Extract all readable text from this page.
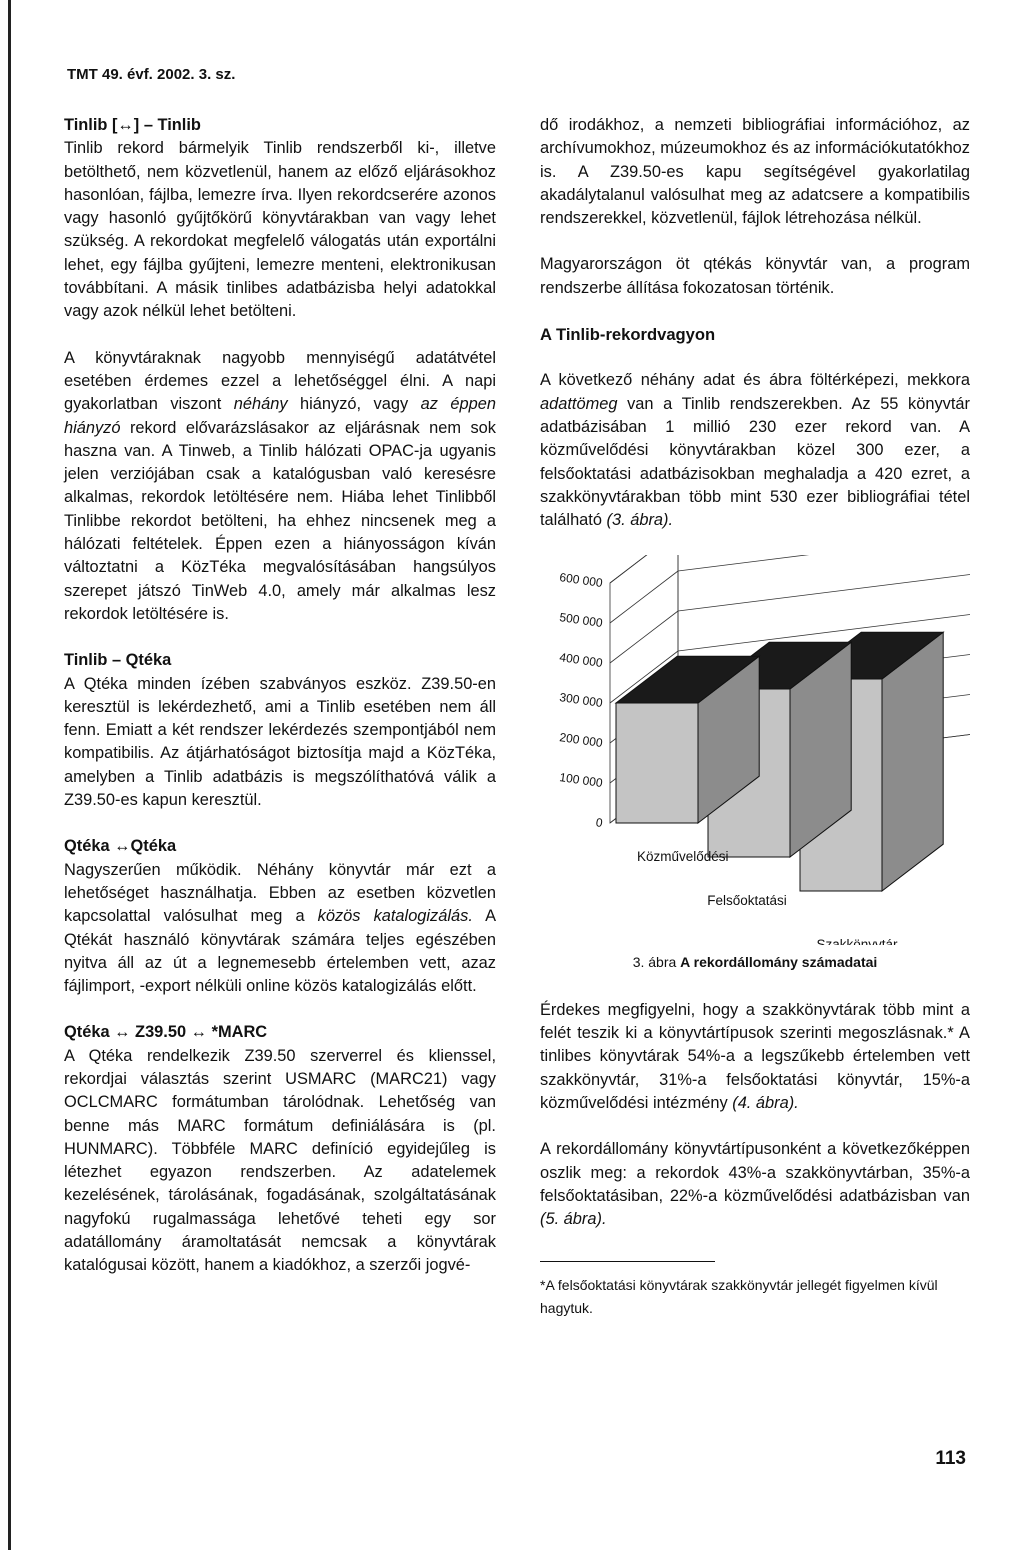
TMT 49. évf. 2002. 3. sz.
Tinlib [↔] – Tinlib

Tinlib rekord bármelyik Tinlib rendszerből ki-, illetve betölthető, nem közvetlenül, hanem az előző eljárásokhoz hasonlóan, fájlba, lemezre írva. Ilyen rekordcserére azonos vagy hasonló gyűjtőkörű könyvtárakban van vagy lehet szükség. A rekordokat megfelelő válogatás után exportálni lehet, egy fájlba gyűjteni, lemezre menteni, elektronikusan továbbítani. A másik tinlibes adatbázisba helyi adatokkal vagy azok nélkül lehet betölteni.

A könyvtáraknak nagyobb mennyiségű adatátvétel esetében érdemes ezzel a lehetőséggel élni. A napi gyakorlatban viszont néhány hiányzó, vagy az éppen hiányzó rekord elővarázslásakor az eljárásnak nem sok haszna van. A Tinweb, a Tinlib hálózati OPAC-ja ugyanis jelen verziójában csak a katalógusban való keresésre alkalmas, rekordok letöltésére nem. Hiába lehet Tinlibből Tinlibbe rekordot betölteni, ha ehhez nincsenek meg a hálózati feltételek. Éppen ezen a hiányosságon kíván változtatni a KözTéka megvalósításában hangsúlyos szerepet játszó TinWeb 4.0, amely már alkalmas lesz rekordok letöltésére is.

Tinlib – Qtéka

A Qtéka minden ízében szabványos eszköz. Z39.50-en keresztül is lekérdezhető, ami a Tinlib esetében nem áll fenn. Emiatt a két rendszer lekérdezés szempontjából nem kompatibilis. Az átjárhatóságot biztosítja majd a KözTéka, amelyben a Tinlib adatbázis is megszólíthatóvá válik a Z39.50-es kapun keresztül.

Qtéka ↔Qtéka

Nagyszerűen működik. Néhány könyvtár már ezt a lehetőséget használhatja. Ebben az esetben közvetlen kapcsolattal valósulhat meg a közös katalogizálás. A Qtékát használó könyvtárak számára teljes egészében nyitva áll az út a legnemesebb értelemben vett, azaz fájlimport, -export nélküli online közös katalogizálás előtt.

Qtéka ↔ Z39.50 ↔ *MARC

A Qtéka rendelkezik Z39.50 szerverrel és klienssel, rekordjai választás szerint USMARC (MARC21) vagy OCLCMARC formátumban tárolódnak. Lehetőség van benne más MARC formátum definiálására is (pl. HUNMARC). Többféle MARC definíció egyidejűleg is létezhet egyazon rendszerben. Az adatelemek kezelésének, tárolásának, fogadásának, szolgáltatásának nagyfokú rugalmassága lehetővé teheti egy sor adatállomány áramoltatását nemcsak a könyvtárak katalógusai között, hanem a kiadókhoz, a szerzői jogvé-

dő irodákhoz, a nemzeti bibliográfiai információhoz, az archívumokhoz, múzeumokhoz és az információkutatókhoz is. A Z39.50-es kapu segítségével gyakorlatilag akadálytalanul valósulhat meg az adatcsere a kompatibilis rendszerekkel, közvetlenül, fájlok létrehozása nélkül.

Magyarországon öt qtékás könyvtár van, a program rendszerbe állítása fokozatosan történik.

A Tinlib-rekordvagyon

A következő néhány adat és ábra föltérképezi, mekkora adattömeg van a Tinlib rendszerekben. Az 55 könyvtár adatbázisában 1 millió 230 ezer rekord van. A közművelődési könyvtárakban közel 300 ezer, a felsőoktatási adatbázisokban meghaladja a 420 ezret, a szakkönyvtárakban több mint 530 ezer bibliográfiai tétel található (3. ábra).

0
100 000
200 000
300 000
400 000
500 000
600 000
Szakkönyvtár
Felsőoktatási
Közművelődési
3. ábra A rekordállomány számadatai

Érdekes megfigyelni, hogy a szakkönyvtárak több mint a felét teszik ki a könyvtártípusok szerinti megoszlásnak.* A tinlibes könyvtárak 54%-a a legszűkebb értelemben vett szakkönyvtár, 31%-a felsőoktatási könyvtár, 15%-a közművelődési intézmény (4. ábra).

A rekordállomány könyvtártípusonként a következőképpen oszlik meg: a rekordok 43%-a szakkönyvtárban, 35%-a felsőoktatásiban, 22%-a közművelődési adatbázisban van (5. ábra).

*A felsőoktatási könyvtárak szakkönyvtár jellegét figyelmen kívül hagytuk.
113
